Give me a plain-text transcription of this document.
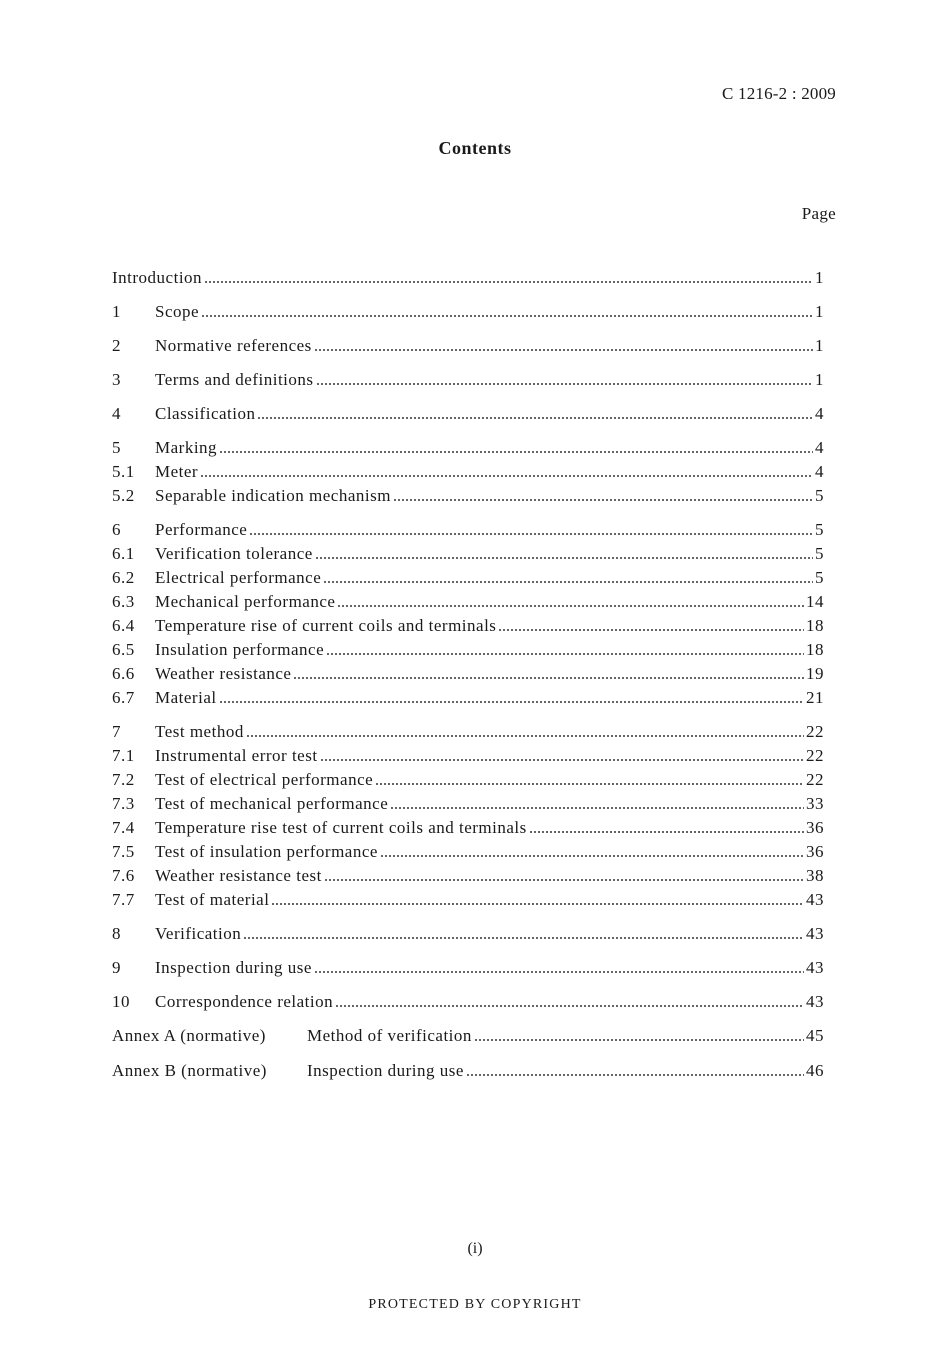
C 1216-2 : 2009
Contents
Page
Introduction	1
1	Scope	1
2	Normative references	1
3	Terms and definitions	1
4	Classification	4
5	Marking	4
5.1	Meter	4
5.2	Separable indication mechanism	5
6	Performance	5
6.1	Verification tolerance	5
6.2	Electrical performance	5
6.3	Mechanical performance	14
6.4	Temperature rise of current coils and terminals	18
6.5	Insulation performance	18
6.6	Weather resistance	19
6.7	Material	21
7	Test method	22
7.1	Instrumental error test	22
7.2	Test of electrical performance	22
7.3	Test of mechanical performance	33
7.4	Temperature rise test of current coils and terminals	36
7.5	Test of insulation performance	36
7.6	Weather resistance test	38
7.7	Test of material	43
8	Verification	43
9	Inspection during use	43
10	Correspondence relation	43
Annex A (normative)	Method of verification	45
Annex B (normative)	Inspection during use	46
(i)
PROTECTED BY COPYRIGHT
